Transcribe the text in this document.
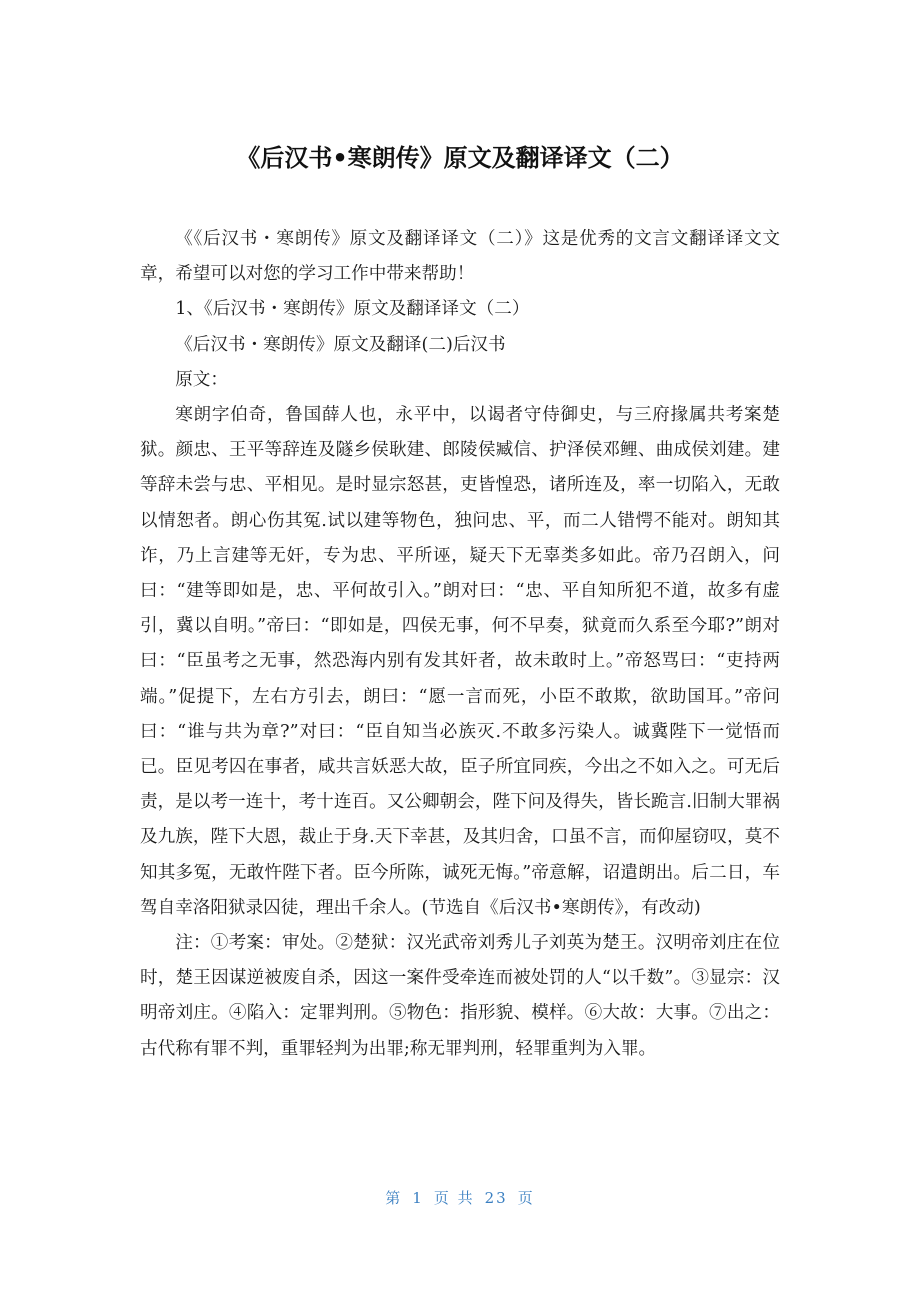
《后汉书•寒朗传》原文及翻译译文（二）

《《后汉书・寒朗传》原文及翻译译文（二）》这是优秀的文言文翻译译文文章，希望可以对您的学习工作中带来帮助！

1、《后汉书・寒朗传》原文及翻译译文（二）

《后汉书・寒朗传》原文及翻译(二)后汉书

原文：

寒朗字伯奇，鲁国薛人也，永平中，以谒者守侍御史，与三府掾属共考案楚狱。颜忠、王平等辞连及隧乡侯耿建、郎陵侯臧信、护泽侯邓鲤、曲成侯刘建。建等辞未尝与忠、平相见。是时显宗怒甚，吏皆惶恐，诸所连及，率一切陷入，无敢以情恕者。朗心伤其冤.试以建等物色，独问忠、平，而二人错愕不能对。朗知其诈，乃上言建等无奸，专为忠、平所诬，疑天下无辜类多如此。帝乃召朗入，问曰：“建等即如是，忠、平何故引入。”朗对曰：“忠、平自知所犯不道，故多有虚引，冀以自明。”帝曰：“即如是，四侯无事，何不早奏，狱竟而久系至今耶?”朗对曰：“臣虽考之无事，然恐海内别有发其奸者，故未敢时上。”帝怒骂曰：“吏持两端。”促提下，左右方引去，朗曰：“愿一言而死，小臣不敢欺，欲助国耳。”帝问曰：“谁与共为章?”对曰：“臣自知当必族灭.不敢多污染人。诚冀陛下一觉悟而已。臣见考囚在事者，咸共言妖恶大故，臣子所宜同疾，今出之不如入之。可无后责，是以考一连十，考十连百。又公卿朝会，陛下问及得失，皆长跪言.旧制大罪祸及九族，陛下大恩，裁止于身.天下幸甚，及其归舍，口虽不言，而仰屋窃叹，莫不知其多冤，无敢忤陛下者。臣今所陈，诚死无悔。”帝意解，诏遣朗出。后二日，车驾自幸洛阳狱录囚徒，理出千余人。(节选自《后汉书•寒朗传》，有改动)

注：①考案：审处。②楚狱：汉光武帝刘秀儿子刘英为楚王。汉明帝刘庄在位时，楚王因谋逆被废自杀，因这一案件受牵连而被处罚的人“以千数”。③显宗：汉明帝刘庄。④陷入：定罪判刑。⑤物色：指形貌、模样。⑥大故：大事。⑦出之：古代称有罪不判，重罪轻判为出罪;称无罪判刑，轻罪重判为入罪。

第 1 页 共 23 页
